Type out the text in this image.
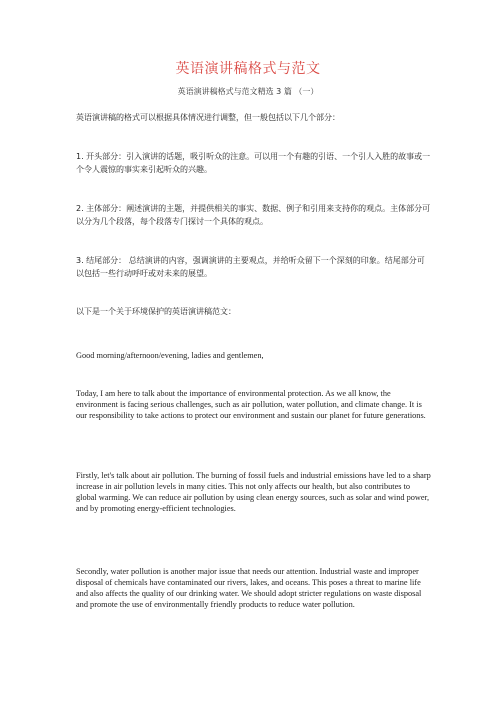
英语演讲稿格式与范文
英语演讲稿格式与范文精选 3 篇 （一）
英语演讲稿的格式可以根据具体情况进行调整，但一般包括以下几个部分：
1. 开头部分：引入演讲的话题，吸引听众的注意。可以用一个有趣的引语、一个引人入胜的故事或一个令人震惊的事实来引起听众的兴趣。
2. 主体部分：阐述演讲的主题，并提供相关的事实、数据、例子和引用来支持你的观点。主体部分可以分为几个段落，每个段落专门探讨一个具体的观点。
3. 结尾部分： 总结演讲的内容，强调演讲的主要观点，并给听众留下一个深刻的印象。结尾部分可以包括一些行动呼吁或对未来的展望。
以下是一个关于环境保护的英语演讲稿范文：
Good morning/afternoon/evening, ladies and gentlemen,
Today, I am here to talk about the importance of environmental protection. As we all know, the environment is facing serious challenges, such as air pollution, water pollution, and climate change. It is our responsibility to take actions to protect our environment and sustain our planet for future generations.
Firstly, let's talk about air pollution. The burning of fossil fuels and industrial emissions have led to a sharp increase in air pollution levels in many cities. This not only affects our health, but also contributes to global warming. We can reduce air pollution by using clean energy sources, such as solar and wind power, and by promoting energy-efficient technologies.
Secondly, water pollution is another major issue that needs our attention. Industrial waste and improper disposal of chemicals have contaminated our rivers, lakes, and oceans. This poses a threat to marine life and also affects the quality of our drinking water. We should adopt stricter regulations on waste disposal and promote the use of environmentally friendly products to reduce water pollution.
